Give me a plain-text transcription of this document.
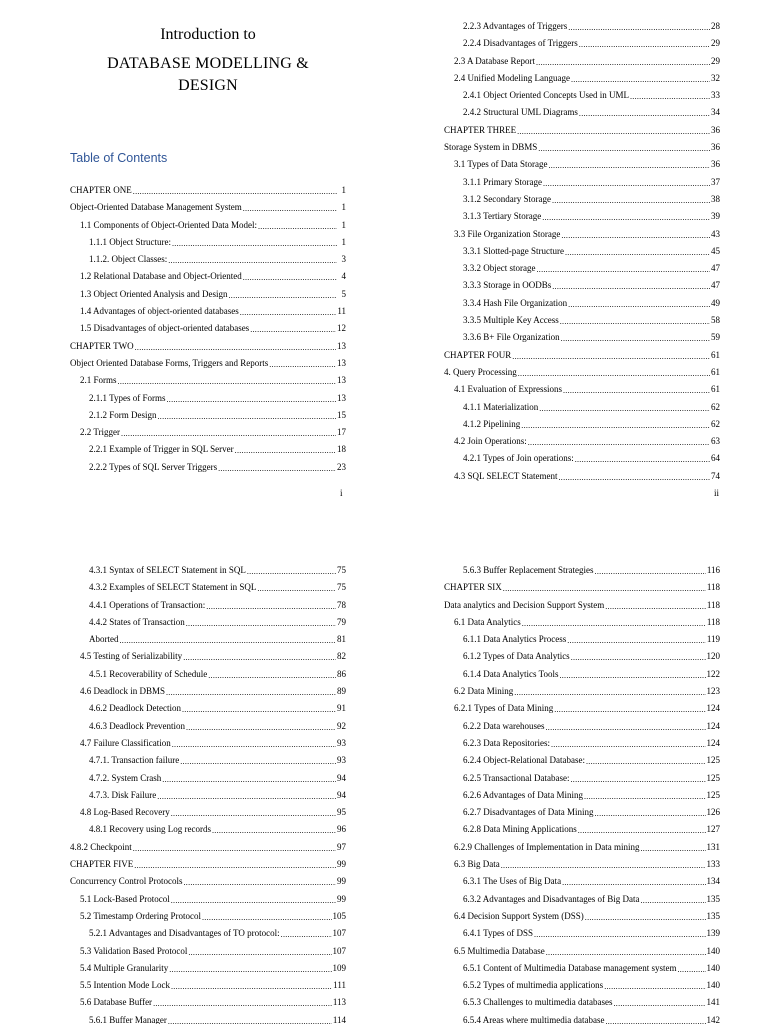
Introduction to
DATABASE MODELLING &
DESIGN
Table of Contents
CHAPTER ONE .....	1
Object-Oriented Database Management System .....	1
1.1 Components of Object-Oriented Data Model: .....	1
1.1.1 Object Structure: .....	1
1.1.2. Object Classes: .....	3
1.2 Relational Database and Object-Oriented .....	4
1.3 Object Oriented Analysis and Design .....	5
1.4 Advantages of object-oriented databases .....	11
1.5 Disadvantages of object-oriented databases .....	12
CHAPTER TWO .....	13
Object Oriented Database Forms, Triggers and Reports .....	13
2.1 Forms .....	13
2.1.1 Types of Forms .....	13
2.1.2 Form Design .....	15
2.2 Trigger .....	17
2.2.1 Example of Trigger in SQL Server .....	18
2.2.2 Types of SQL Server Triggers .....	23
i
2.2.3 Advantages of Triggers .....	28
2.2.4 Disadvantages of Triggers .....	29
2.3 A Database Report .....	29
2.4 Unified Modeling Language .....	32
2.4.1 Object Oriented Concepts Used in UML .....	33
2.4.2 Structural UML Diagrams .....	34
CHAPTER THREE .....	36
Storage System in DBMS .....	36
3.1 Types of Data Storage .....	36
3.1.1 Primary Storage .....	37
3.1.2 Secondary Storage .....	38
3.1.3 Tertiary Storage .....	39
3.3 File Organization Storage .....	43
3.3.1 Slotted-page Structure .....	45
3.3.2 Object storage .....	47
3.3.3 Storage in OODBs .....	47
3.3.4 Hash File Organization .....	49
3.3.5 Multiple Key Access .....	58
3.3.6 B+ File Organization .....	59
CHAPTER FOUR .....	61
4. Query Processing .....	61
4.1 Evaluation of Expressions .....	61
4.1.1 Materialization .....	62
4.1.2 Pipelining .....	62
4.2 Join Operations: .....	63
4.2.1 Types of Join operations: .....	64
4.3 SQL SELECT Statement .....	74
ii
4.3.1 Syntax of SELECT Statement in SQL .....	75
4.3.2 Examples of SELECT Statement in SQL .....	75
4.4.1 Operations of Transaction: .....	78
4.4.2 States of Transaction .....	79
Aborted .....	81
4.5 Testing of Serializability .....	82
4.5.1 Recoverability of Schedule .....	86
4.6 Deadlock in DBMS .....	89
4.6.2 Deadlock Detection .....	91
4.6.3 Deadlock Prevention .....	92
4.7 Failure Classification .....	93
4.7.1. Transaction failure .....	93
4.7.2. System Crash .....	94
4.7.3. Disk Failure .....	94
4.8 Log-Based Recovery .....	95
4.8.1 Recovery using Log records .....	96
4.8.2 Checkpoint .....	97
CHAPTER FIVE .....	99
Concurrency Control Protocols .....	99
5.1 Lock-Based Protocol .....	99
5.2 Timestamp Ordering Protocol .....	105
5.2.1 Advantages and Disadvantages of TO protocol: .....	107
5.3 Validation Based Protocol .....	107
5.4 Multiple Granularity .....	109
5.5 Intention Mode Lock .....	111
5.6 Database Buffer .....	113
5.6.1 Buffer Manager .....	114
5.6.3 Buffer Replacement Strategies .....	116
CHAPTER SIX .....	118
Data analytics and Decision Support System .....	118
6.1 Data Analytics .....	118
6.1.1 Data Analytics Process .....	119
6.1.2 Types of Data Analytics .....	120
6.1.4 Data Analytics Tools .....	122
6.2 Data Mining .....	123
6.2.1 Types of Data Mining .....	124
6.2.2 Data warehouses .....	124
6.2.3 Data Repositories: .....	124
6.2.4 Object-Relational Database: .....	125
6.2.5 Transactional Database: .....	125
6.2.6 Advantages of Data Mining .....	125
6.2.7 Disadvantages of Data Mining .....	126
6.2.8 Data Mining Applications .....	127
6.2.9 Challenges of Implementation in Data mining .....	131
6.3 Big Data .....	133
6.3.1 The Uses of Big Data .....	134
6.3.2 Advantages and Disadvantages of Big Data .....	135
6.4 Decision Support System (DSS) .....	135
6.4.1 Types of DSS .....	139
6.5 Multimedia Database .....	140
6.5.1 Content of Multimedia Database management system .....	140
6.5.2 Types of multimedia applications .....	140
6.5.3 Challenges to multimedia databases .....	141
6.5.4 Areas where multimedia database .....	142
